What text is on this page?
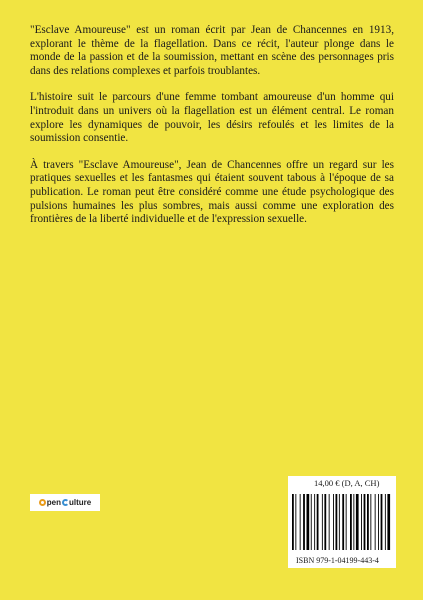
"Esclave Amoureuse" est un roman écrit par Jean de Chancennes en 1913, explorant le thème de la flagellation. Dans ce récit, l'auteur plonge dans le monde de la passion et de la soumission, mettant en scène des personnages pris dans des relations complexes et parfois troublantes.

L'histoire suit le parcours d'une femme tombant amoureuse d'un homme qui l'introduit dans un univers où la flagellation est un élément central. Le roman explore les dynamiques de pouvoir, les désirs refoulés et les limites de la soumission consentie.

À travers "Esclave Amoureuse", Jean de Chancennes offre un regard sur les pratiques sexuelles et les fantasmes qui étaient souvent tabous à l'époque de sa publication. Le roman peut être considéré comme une étude psychologique des pulsions humaines les plus sombres, mais aussi comme une exploration des frontières de la liberté individuelle et de l'expression sexuelle.

pen ulture
14,00 € (D, A, CH)
ISBN 979-1-04199-443-4
